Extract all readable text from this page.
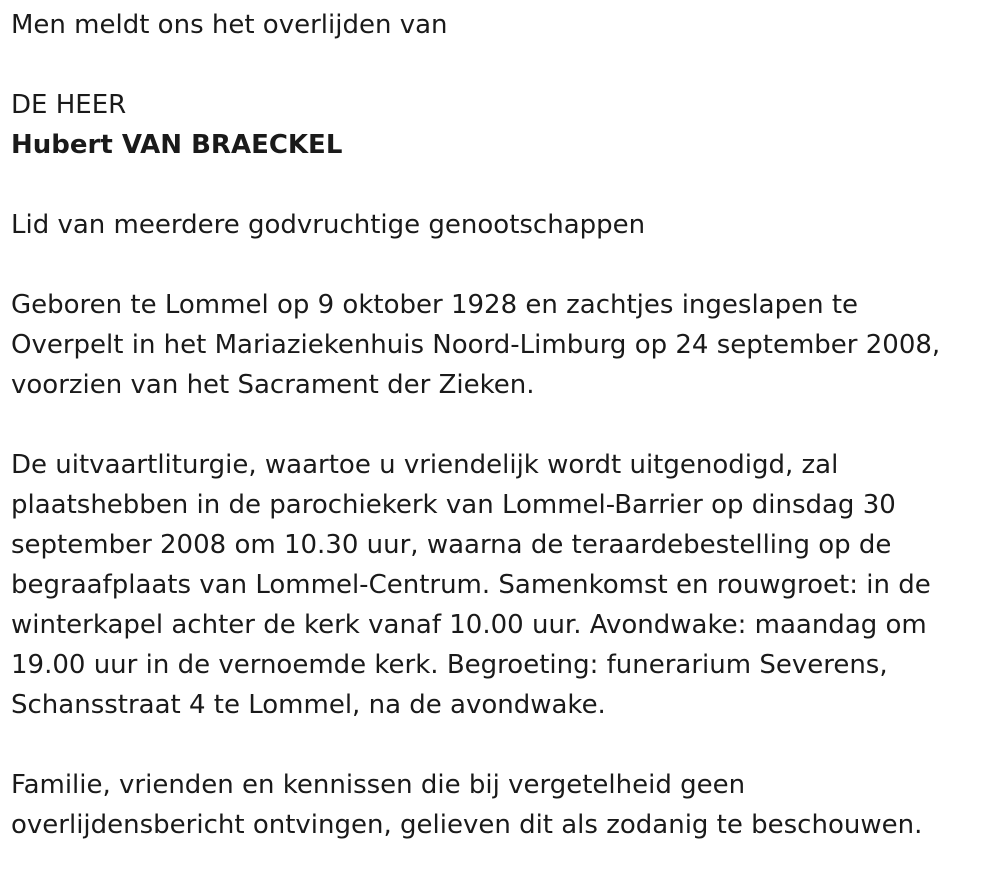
Men meldt ons het overlijden van

DE HEER

Hubert VAN BRAECKEL

Lid van meerdere godvruchtige genootschappen

Geboren te Lommel op 9 oktober 1928 en zachtjes ingeslapen te

Overpelt in het Mariaziekenhuis Noord-Limburg op 24 september 2008,

voorzien van het Sacrament der Zieken.

De uitvaartliturgie, waartoe u vriendelijk wordt uitgenodigd, zal

plaatshebben in de parochiekerk van Lommel-Barrier op dinsdag 30

september 2008 om 10.30 uur, waarna de teraardebestelling op de

begraafplaats van Lommel-Centrum. Samenkomst en rouwgroet: in de

winterkapel achter de kerk vanaf 10.00 uur. Avondwake: maandag om

19.00 uur in de vernoemde kerk. Begroeting: funerarium Severens,

Schansstraat 4 te Lommel, na de avondwake.

Familie, vrienden en kennissen die bij vergetelheid geen

overlijdensbericht ontvingen, gelieven dit als zodanig te beschouwen.
